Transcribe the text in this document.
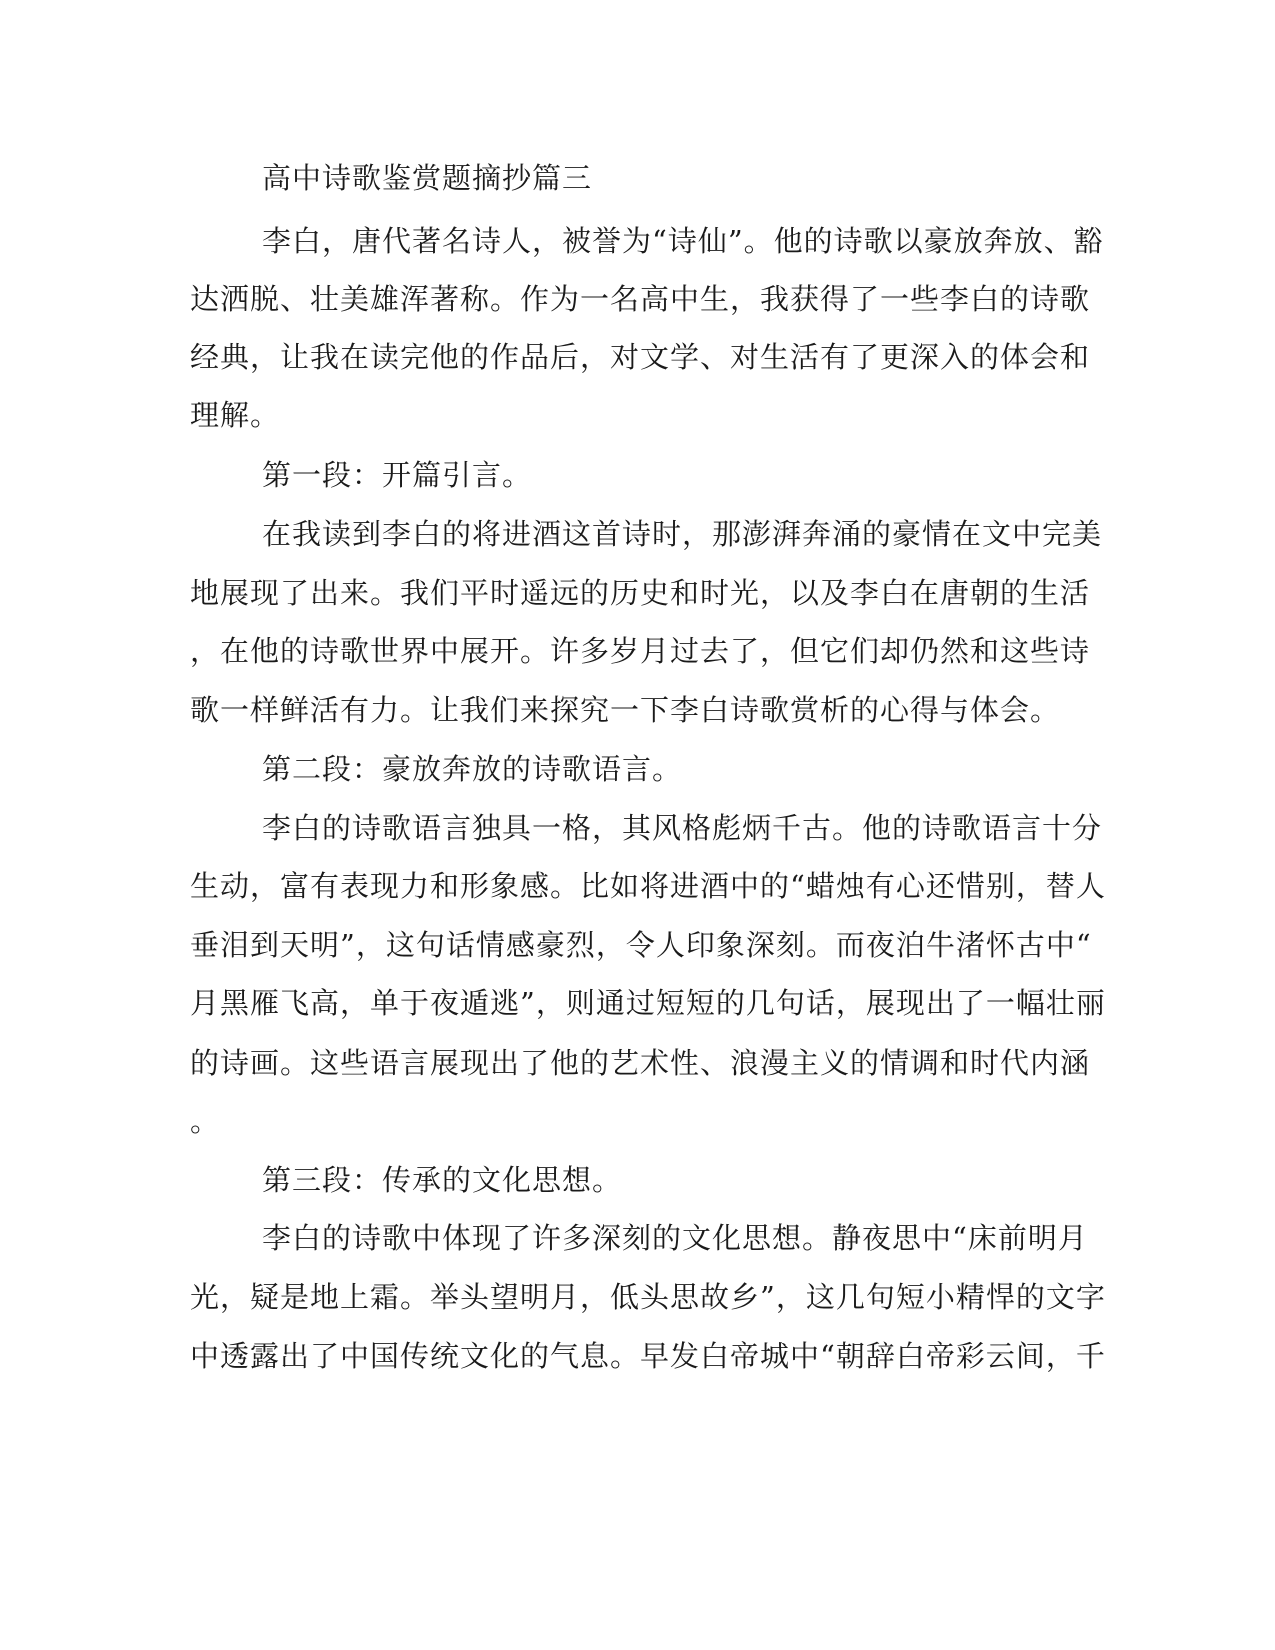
高中诗歌鉴赏题摘抄篇三
李白，唐代著名诗人，被誉为“诗仙”。他的诗歌以豪放奔放、豁
达洒脱、壮美雄浑著称。作为一名高中生，我获得了一些李白的诗歌
经典，让我在读完他的作品后，对文学、对生活有了更深入的体会和
理解。
第一段：开篇引言。
在我读到李白的将进酒这首诗时，那澎湃奔涌的豪情在文中完美
地展现了出来。我们平时遥远的历史和时光，以及李白在唐朝的生活
，在他的诗歌世界中展开。许多岁月过去了，但它们却仍然和这些诗
歌一样鲜活有力。让我们来探究一下李白诗歌赏析的心得与体会。
第二段：豪放奔放的诗歌语言。
李白的诗歌语言独具一格，其风格彪炳千古。他的诗歌语言十分
生动，富有表现力和形象感。比如将进酒中的“蜡烛有心还惜别，替人
垂泪到天明”，这句话情感豪烈，令人印象深刻。而夜泊牛渚怀古中“
月黑雁飞高，单于夜遁逃”，则通过短短的几句话，展现出了一幅壮丽
的诗画。这些语言展现出了他的艺术性、浪漫主义的情调和时代内涵
。
第三段：传承的文化思想。
李白的诗歌中体现了许多深刻的文化思想。静夜思中“床前明月
光，疑是地上霜。举头望明月，低头思故乡”，这几句短小精悍的文字
中透露出了中国传统文化的气息。早发白帝城中“朝辞白帝彩云间，千
